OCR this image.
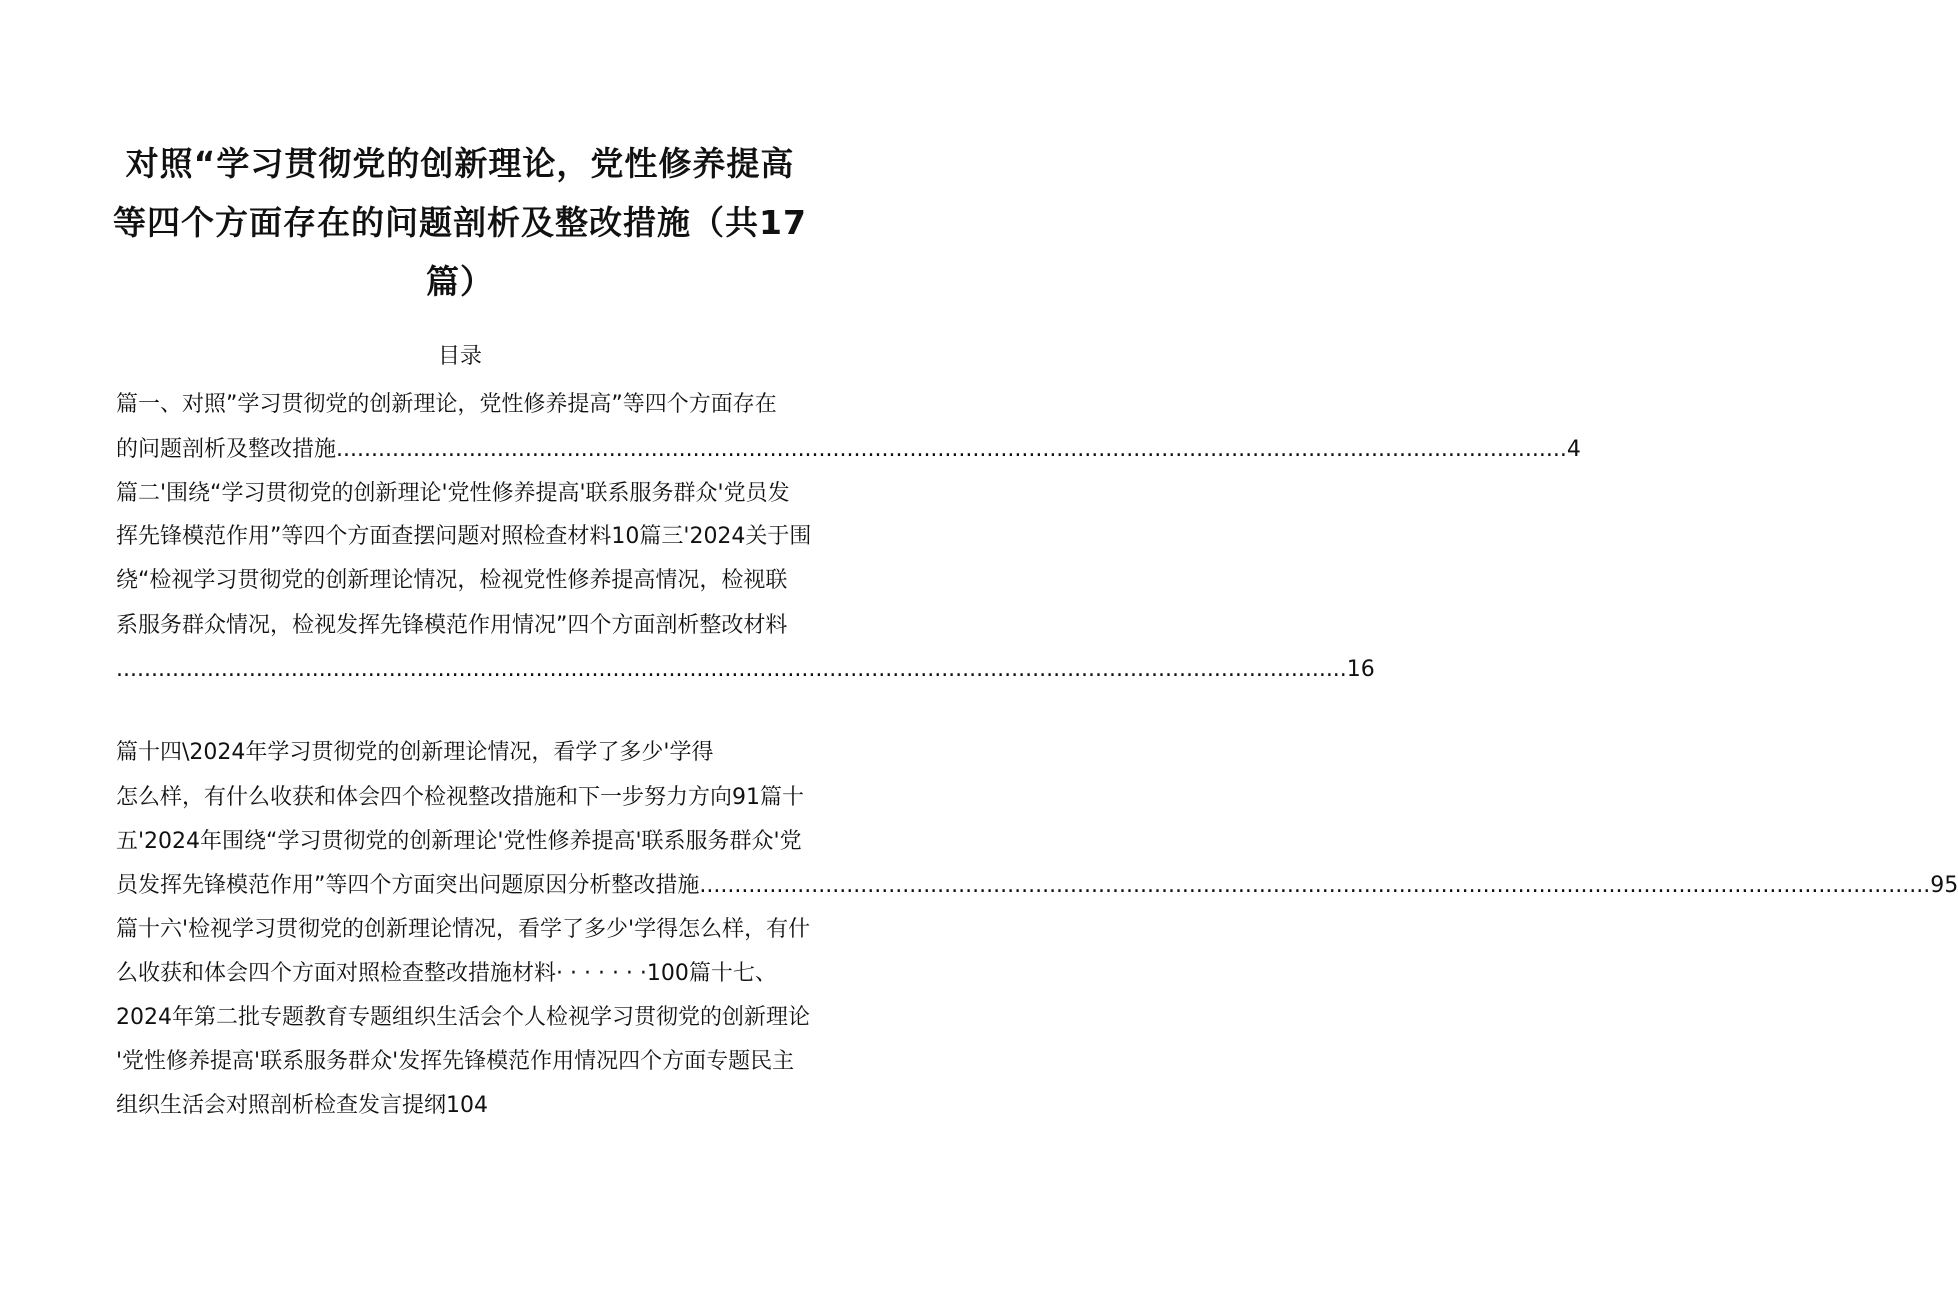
对照“学习贯彻党的创新理论，党性修养提高
等四个方面存在的问题剖析及整改措施（共17
篇）
目录
篇一、对照”学习贯彻党的创新理论，党性修养提高”等四个方面存在
的问题剖析及整改措施 ................................................................................................................................................................................ 4
篇二'围绕“学习贯彻党的创新理论'党性修养提高'联系服务群众'党员发
挥先锋模范作用”等四个方面查摆问题对照检查材料10篇三'2024关于围
绕“检视学习贯彻党的创新理论情况，检视党性修养提高情况，检视联
系服务群众情况，检视发挥先锋模范作用情况”四个方面剖析整改材料
................................................................................................................................................................................ 16
篇十四\2024年学习贯彻党的创新理论情况，看学了多少'学得
怎么样，有什么收获和体会四个检视整改措施和下一步努力方向91篇十
五'2024年围绕“学习贯彻党的创新理论'党性修养提高'联系服务群众'党
员发挥先锋模范作用”等四个方面突出问题原因分析整改措施 ................................................................................................................................................................................ 95
篇十六'检视学习贯彻党的创新理论情况，看学了多少'学得怎么样，有什
么收获和体会四个方面对照检查整改措施材料· · · · · · ·100篇十七、
2024年第二批专题教育专题组织生活会个人检视学习贯彻党的创新理论
'党性修养提高'联系服务群众'发挥先锋模范作用情况四个方面专题民主
组织生活会对照剖析检查发言提纲104
